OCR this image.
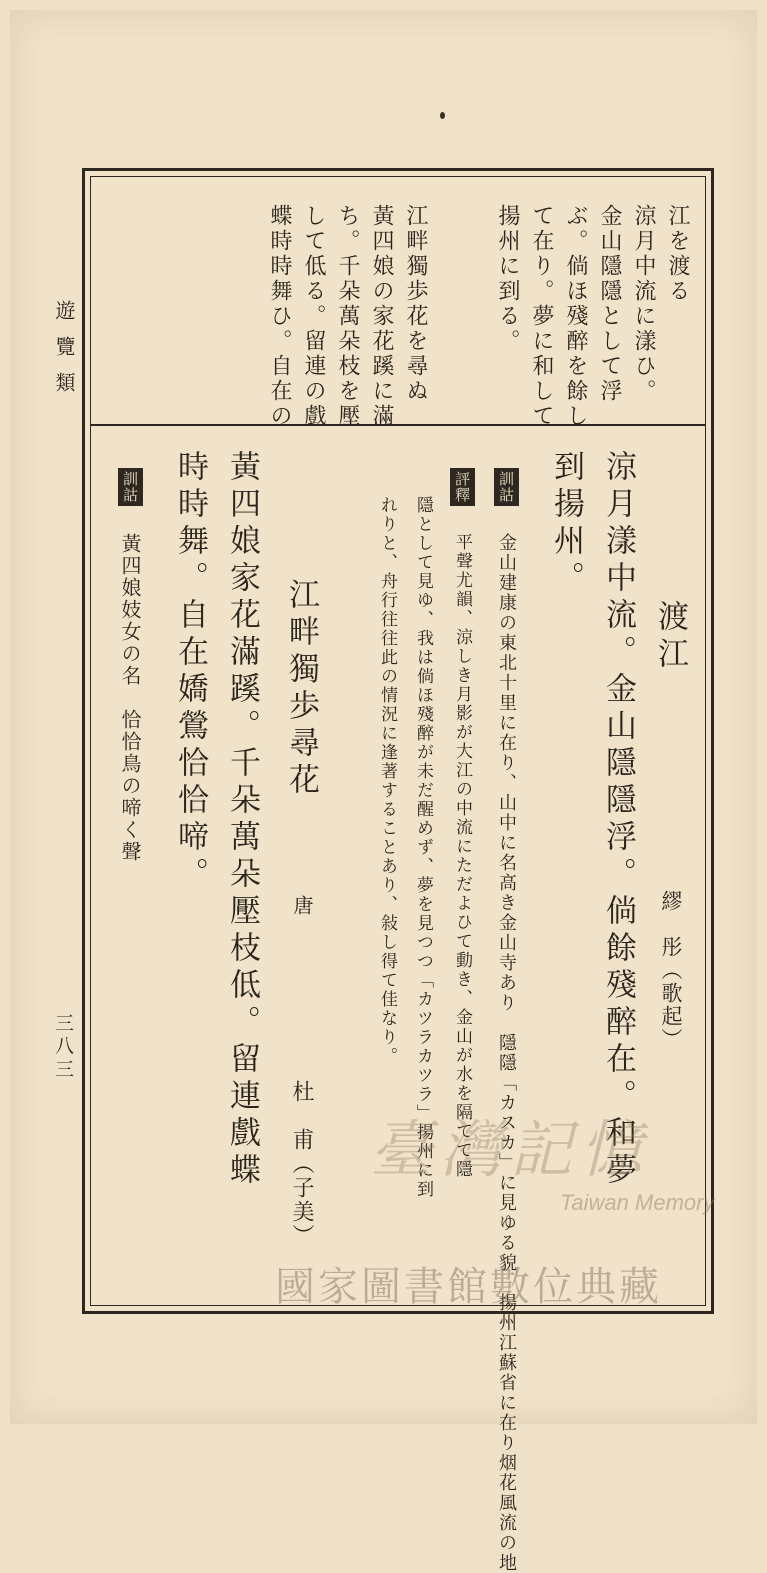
江を渡る
涼月中流に漾ひ。
金山隱隱として浮
ぶ。倘ほ殘醉を餘し
て在り。夢に和して
揚州に到る。
江畔獨歩花を尋ぬ
黃四娘の家花蹊に滿
ち。千朵萬朵枝を壓
して低る。留連の戲
蝶時時舞ひ。自在の
渡江
繆　彤（歌起）
涼月漾中流。金山隱隱浮。倘餘殘醉在。和夢
到揚州。
訓詁 金山建康の東北十里に在り、山中に名高き金山寺あり　隱隱「カスカ」に見ゆる貌　揚州江蘇省に在り烟花風流の地
評釋 平聲尤韻、涼しき月影が大江の中流にただよひて動き、金山が水を隔てて隱
隱として見ゆ、我は倘ほ殘醉が未だ醒めず、夢を見つつ「カツラカツラ」揚州に到
れりと、舟行往往此の情況に逢著することあり、敍し得て佳なり。
江畔獨歩尋花
唐
杜　甫（子美）
黃四娘家花滿蹊。千朵萬朵壓枝低。留連戲蝶
時時舞。自在嬌鶯恰恰啼。
訓詁 黃四娘妓女の名　恰恰鳥の啼く聲
遊覽類
三八三
臺灣記憶
Taiwan Memory
國家圖書館數位典藏
